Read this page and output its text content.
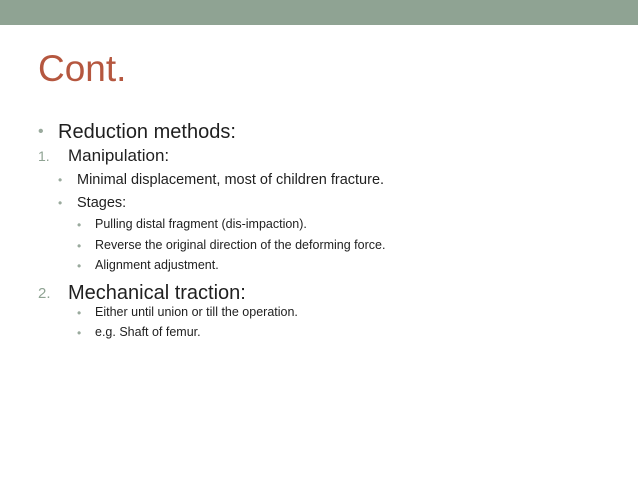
Cont.
• Reduction methods:
1. Manipulation:
• Minimal displacement, most of children fracture.
• Stages:
• Pulling distal fragment (dis-impaction).
• Reverse the original direction of the deforming force.
• Alignment adjustment.
2. Mechanical traction:
• Either until union or till the operation.
• e.g. Shaft of femur.
